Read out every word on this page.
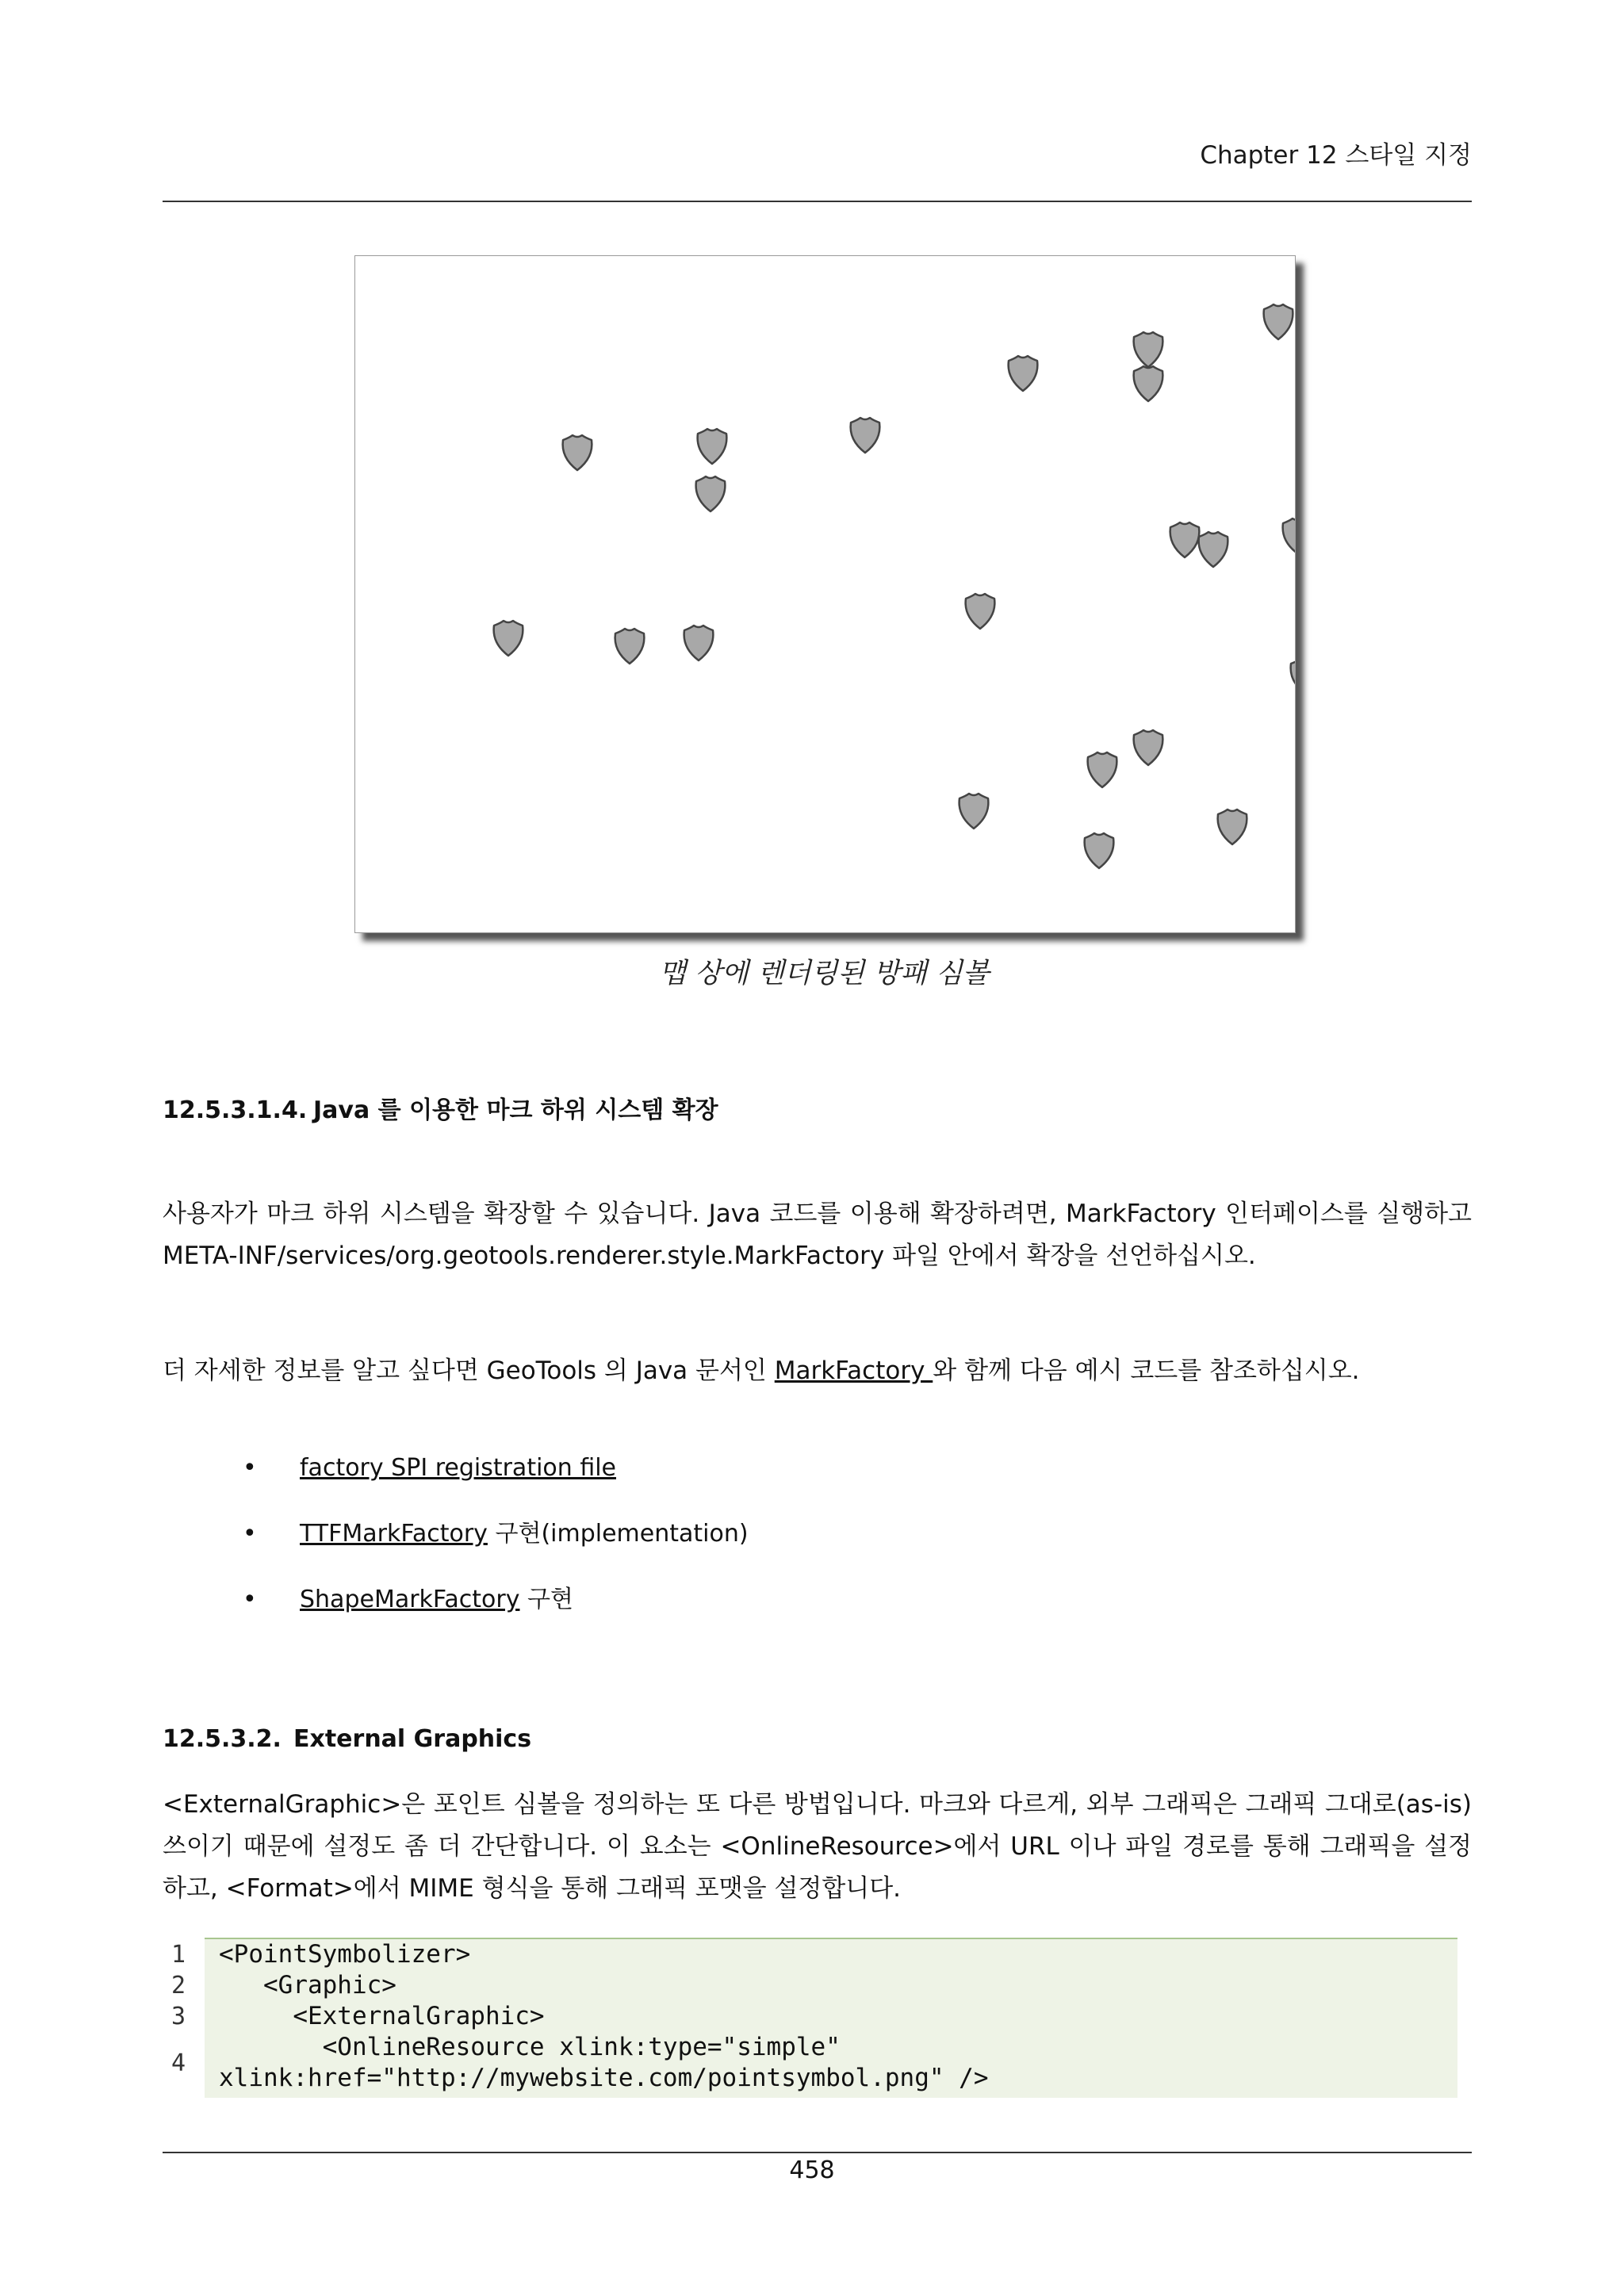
Chapter 12 스타일 지정
맵 상에 렌더링된 방패 심볼
12.5.3.1.4. Java 를 이용한 마크 하위 시스템 확장
사용자가 마크 하위 시스템을 확장할 수 있습니다. Java 코드를 이용해 확장하려면, MarkFactory 인터페이스를 실행하고 META-INF/services/org.geotools.renderer.style.MarkFactory 파일 안에서 확장을 선언하십시오.
더 자세한 정보를 알고 싶다면 GeoTools 의 Java 문서인 MarkFactory 와 함께 다음 예시 코드를 참조하십시오.
• factory SPI registration file
• TTFMarkFactory 구현(implementation)
• ShapeMarkFactory 구현
12.5.3.2. External Graphics
<ExternalGraphic>은 포인트 심볼을 정의하는 또 다른 방법입니다. 마크와 다르게, 외부 그래픽은 그래픽 그대로(as-is) 쓰이기 때문에 설정도 좀 더 간단합니다. 이 요소는 <OnlineResource>에서 URL 이나 파일 경로를 통해 그래픽을 설정하고, <Format>에서 MIME 형식을 통해 그래픽 포맷을 설정합니다.
1
2
3
4
<PointSymbolizer>
<Graphic>
<ExternalGraphic>
<OnlineResource xlink:type="simple"
xlink:href="http://mywebsite.com/pointsymbol.png" />
458
